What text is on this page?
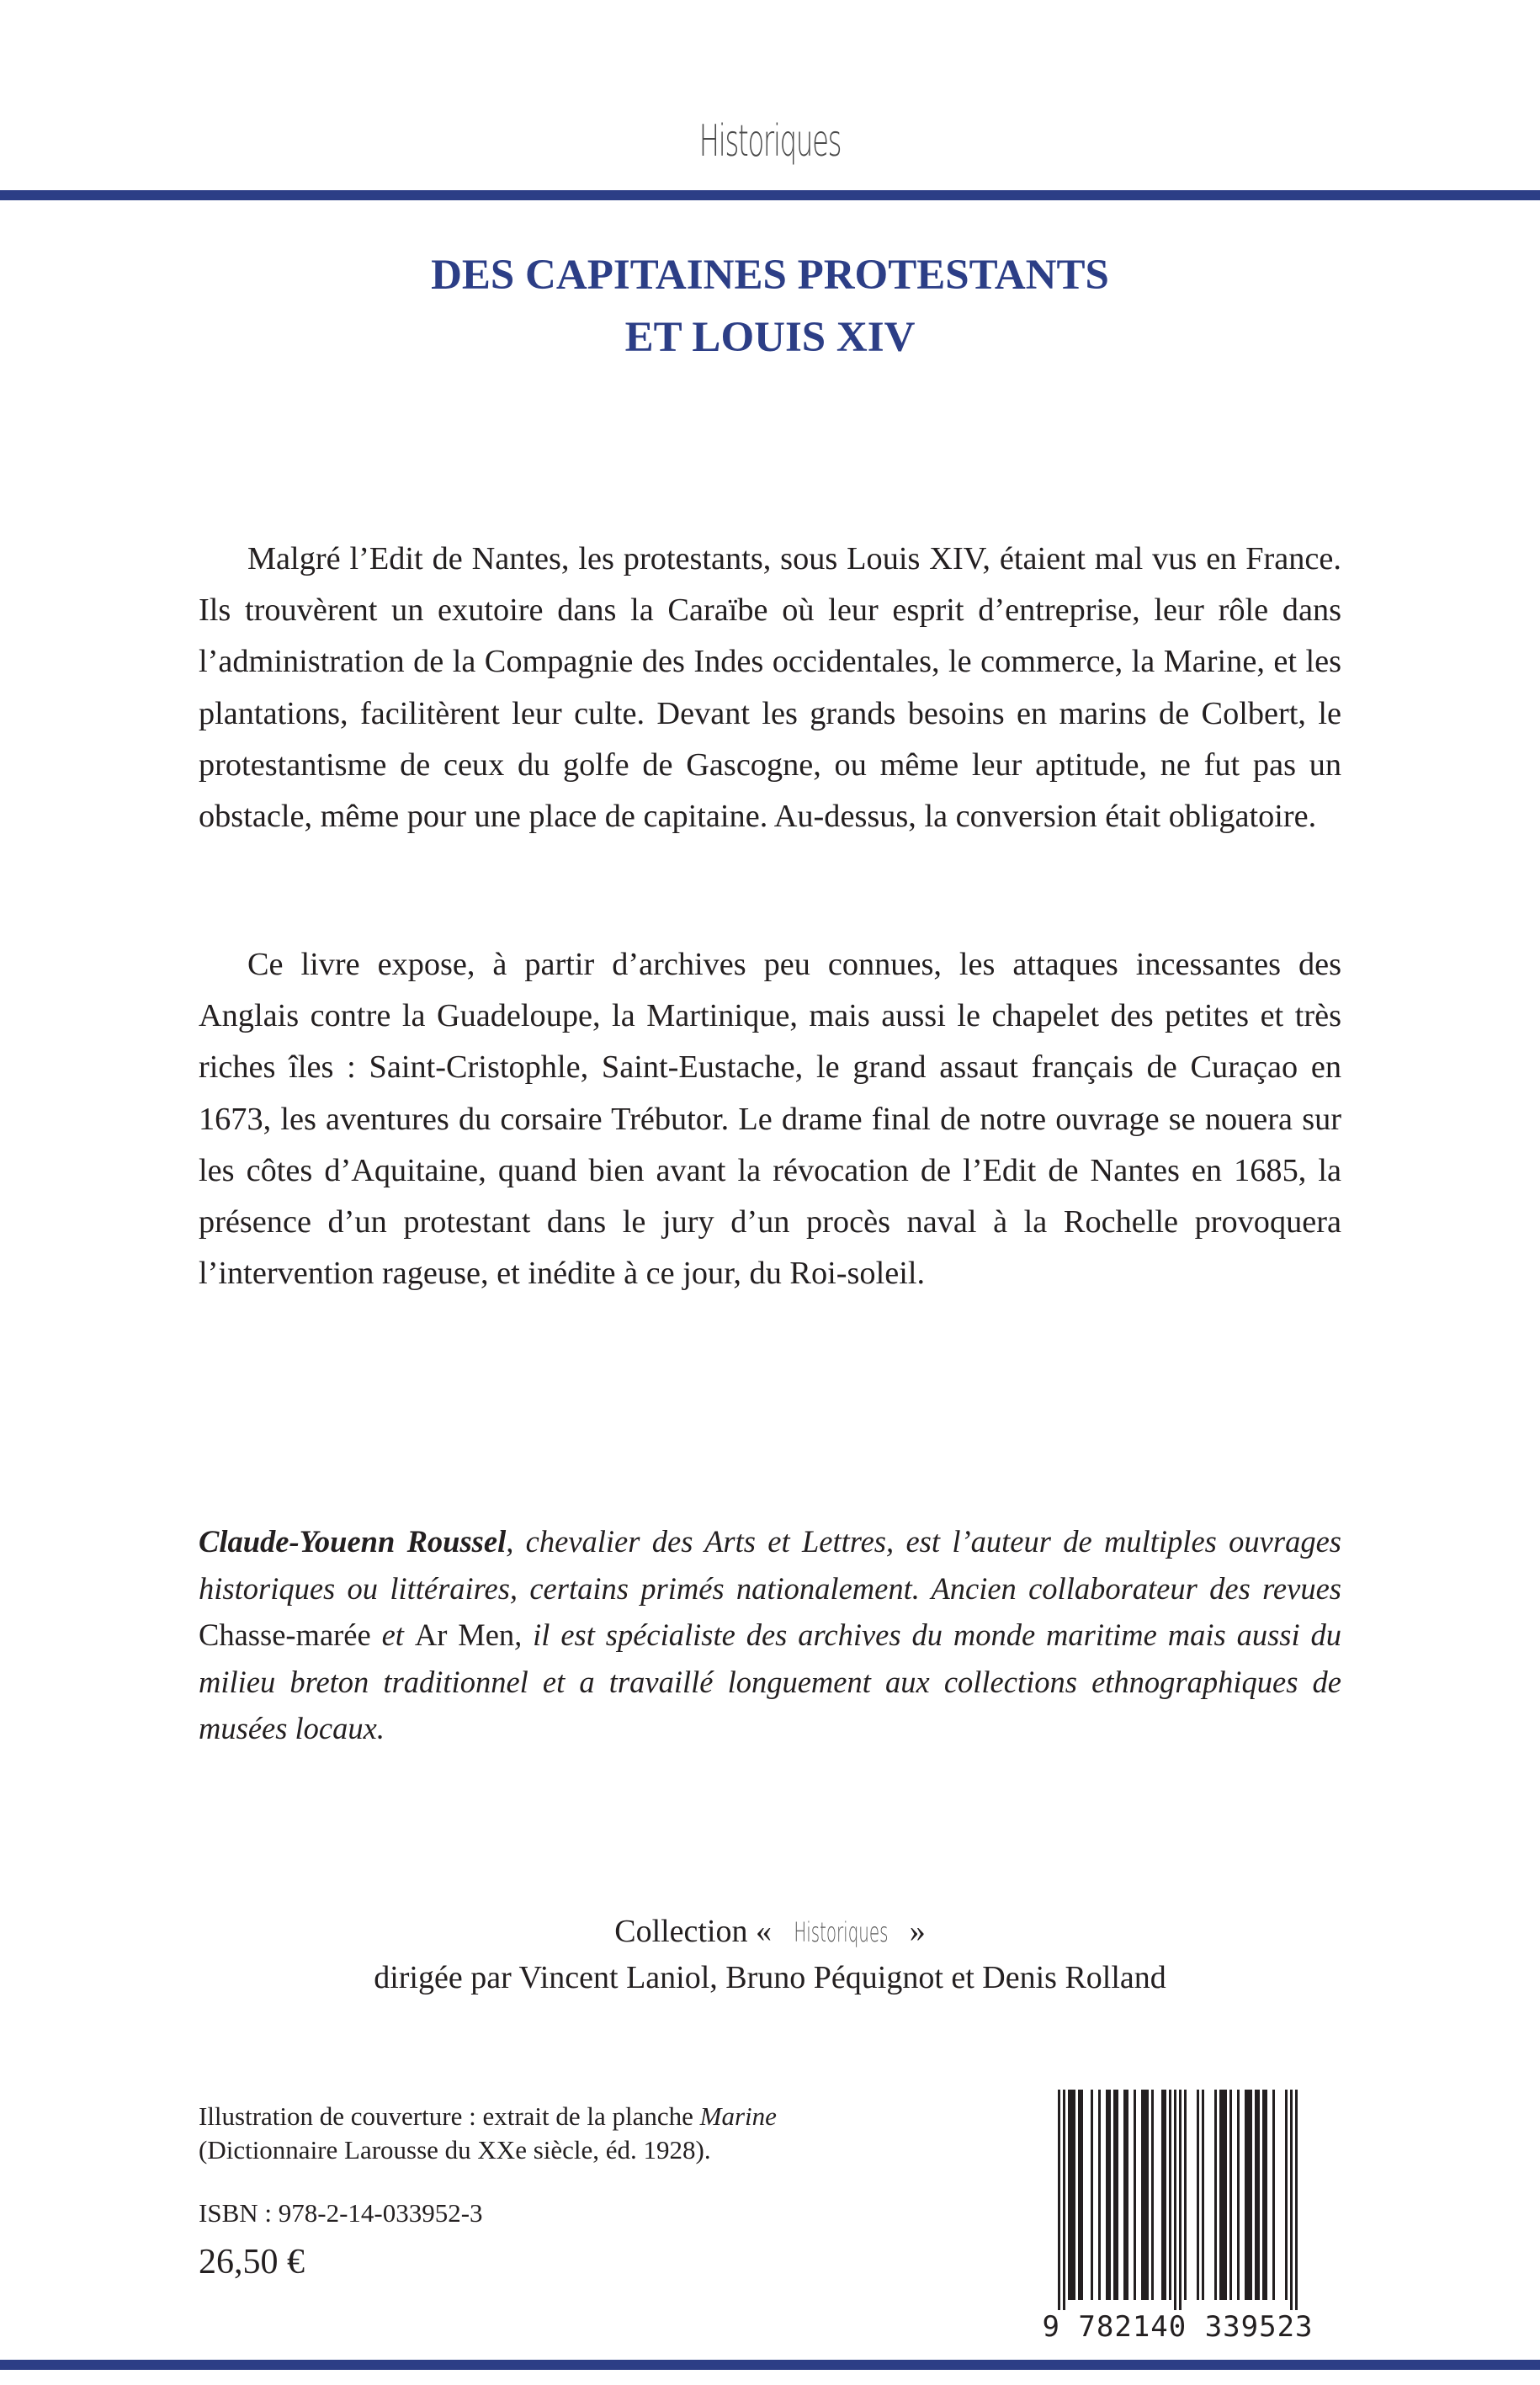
Historiques
DES CAPITAINES PROTESTANTS
ET LOUIS XIV

Malgré l’Edit de Nantes, les protestants, sous Louis XIV, étaient mal vus en France. Ils trouvèrent un exutoire dans la Caraïbe où leur esprit d’entreprise, leur rôle dans l’administration de la Compagnie des Indes occidentales, le commerce, la Marine, et les plantations, facilitèrent leur culte. Devant les grands besoins en marins de Colbert, le protestantisme de ceux du golfe de Gascogne, ou même leur aptitude, ne fut pas un obstacle, même pour une place de capitaine. Au-dessus, la conversion était obligatoire.

Ce livre expose, à partir d’archives peu connues, les attaques incessantes des Anglais contre la Guadeloupe, la Martinique, mais aussi le chapelet des petites et très riches îles : Saint-Cristophle, Saint-Eustache, le grand assaut français de Curaçao en 1673, les aventures du corsaire Trébutor. Le drame final de notre ouvrage se nouera sur les côtes d’Aquitaine, quand bien avant la révocation de l’Edit de Nantes en 1685, la présence d’un protestant dans le jury d’un procès naval à la Rochelle provoquera l’intervention rageuse, et inédite à ce jour, du Roi-soleil.

Claude-Youenn Roussel, chevalier des Arts et Lettres, est l’auteur de multiples ouvrages historiques ou littéraires, certains primés nationalement. Ancien collaborateur des revues Chasse-marée et Ar Men, il est spécialiste des archives du monde maritime mais aussi du milieu breton traditionnel et a travaillé longuement aux collections ethnographiques de musées locaux.

Collection « Historiques »
dirigée par Vincent Laniol, Bruno Péquignot et Denis Rolland
Illustration de couverture : extrait de la planche Marine
(Dictionnaire Larousse du XXe siècle, éd. 1928).
ISBN : 978-2-14-033952-3
26,50 €
9 782140 339523
